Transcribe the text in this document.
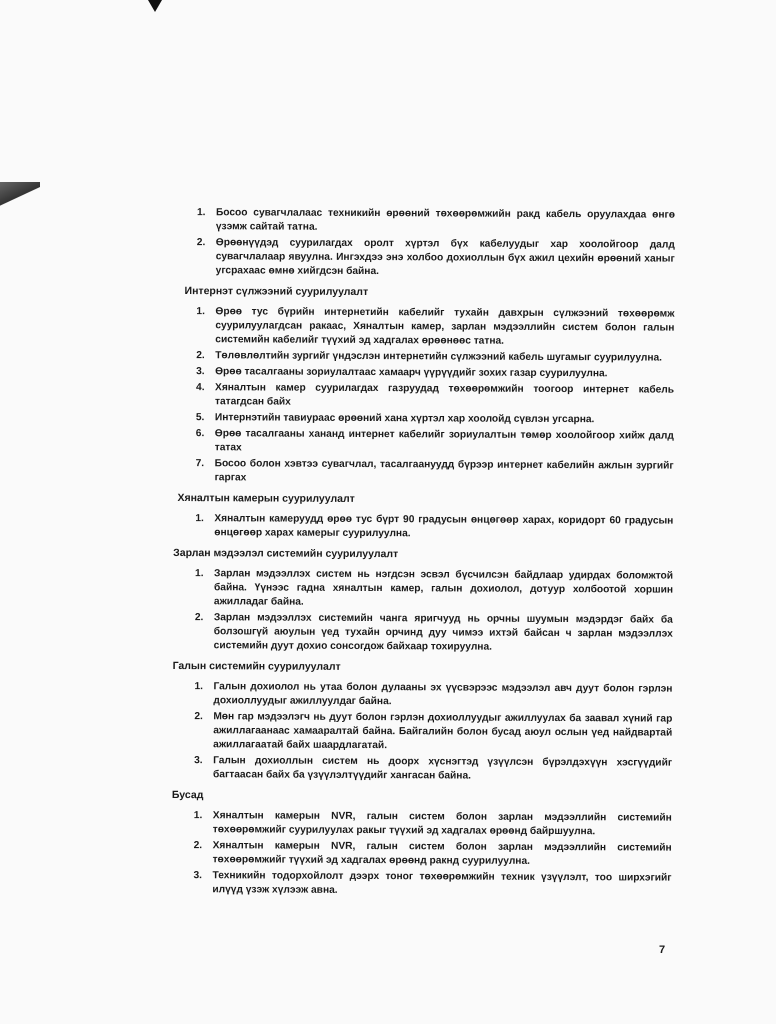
1. Босоо сувагчлалаас техникийн өрөөний төхөөрөмжийн ракд кабель оруулахдаа өнгө үзэмж сайтай татна.
2. Өрөөнүүдэд суурилагдах оролт хүртэл бүх кабелуудыг хар хоолойгоор далд сувагчлалаар явуулна. Ингэхдээ энэ холбоо дохиоллын бүх ажил цехийн өрөөний ханыг угсрахаас өмнө хийгдсэн байна.
Интернэт сүлжээний суурилуулалт
1. Өрөө тус бүрийн интернетийн кабелийг тухайн давхрын сүлжээний төхөөрөмж суурилуулагдсан ракаас, Хяналтын камер, зарлан мэдээллийн систем болон галын системийн кабелийг түүхий эд хадгалах өрөөнөөс татна.
2. Төлөвлөлтийн зургийг үндэслэн интернетийн сүлжээний кабель шугамыг суурилуулна.
3. Өрөө тасалгааны зориулалтаас хамаарч үүрүүдийг зохих газар суурилуулна.
4. Хяналтын камер суурилагдах газруудад төхөөрөмжийн тоогоор интернет кабель татагдсан байх
5. Интернэтийн тавиураас өрөөний хана хүртэл хар хоолойд сүвлэн угсарна.
6. Өрөө тасалгааны хананд интернет кабелийг зориулалтын төмөр хоолойгоор хийж далд татах
7. Босоо болон хэвтээ сувагчлал, тасалгаануудд бүрээр интернет кабелийн ажлын зургийг гаргах
Хяналтын камерын суурилуулалт
1. Хяналтын камеруудд өрөө тус бүрт 90 градусын өнцөгөөр харах, коридорт 60 градусын өнцөгөөр харах камерыг суурилуулна.
Зарлан мэдээлэл системийн суурилуулалт
1. Зарлан мэдээллэх систем нь нэгдсэн эсвэл бүсчилсэн байдлаар удирдах боломжтой байна. Үүнээс гадна хяналтын камер, галын дохиолол, дотуур холбоотой хоршин ажилладаг байна.
2. Зарлан мэдээллэх системийн чанга яригчууд нь орчны шуумын мэдэрдэг байх ба болзошгүй аюулын үед тухайн орчинд дуу чимээ ихтэй байсан ч зарлан мэдээллэх системийн дуут дохио сонсогдож байхаар тохируулна.
Галын системийн суурилуулалт
1. Галын дохиолол нь утаа болон дулааны эх үүсвэрээс мэдээлэл авч дуут болон гэрлэн дохиоллуудыг ажиллуулдаг байна.
2. Мөн гар мэдээлэгч нь дуут болон гэрлэн дохиоллуудыг ажиллуулах ба заавал хүний гар ажиллагаанаас хамааралтай байна. Байгалийн болон бусад аюул ослын үед найдвартай ажиллагаатай байх шаардлагатай.
3. Галын дохиоллын систем нь доорх хүснэгтэд үзүүлсэн бүрэлдэхүүн хэсгүүдийг багтаасан байх ба үзүүлэлтүүдийг хангасан байна.
Бусад
1. Хяналтын камерын NVR, галын систем болон зарлан мэдээллийн системийн төхөөрөмжийг суурилуулах ракыг түүхий эд хадгалах өрөөнд байршуулна.
2. Хяналтын камерын NVR, галын систем болон зарлан мэдээллийн системийн төхөөрөмжийг түүхий эд хадгалах өрөөнд ракнд суурилуулна.
3. Техникийн тодорхойлолт дээрх тоног төхөөрөмжийн техник үзүүлэлт, тоо ширхэгийг илүүд үзэж хүлээж авна.
7
